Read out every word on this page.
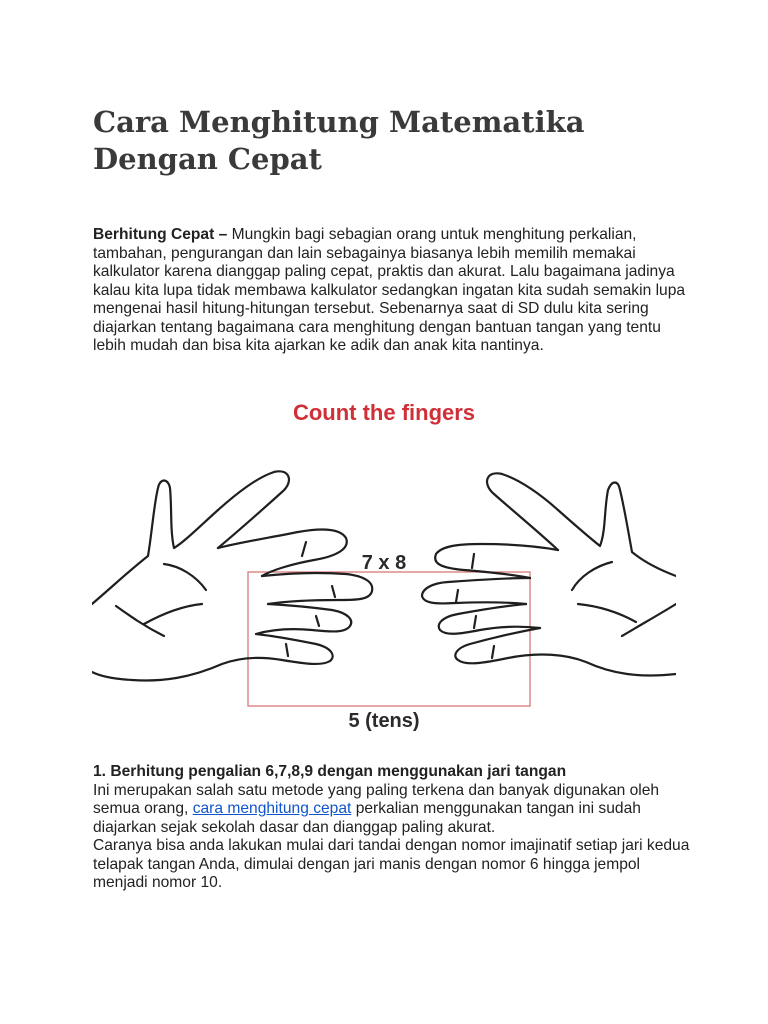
Cara Menghitung Matematika Dengan Cepat

Berhitung Cepat – Mungkin bagi sebagian orang untuk menghitung perkalian, tambahan, pengurangan dan lain sebagainya biasanya lebih memilih memakai kalkulator karena dianggap paling cepat, praktis dan akurat. Lalu bagaimana jadinya kalau kita lupa tidak membawa kalkulator sedangkan ingatan kita sudah semakin lupa mengenai hasil hitung-hitungan tersebut. Sebenarnya saat di SD dulu kita sering diajarkan tentang bagaimana cara menghitung dengan bantuan tangan yang tentu lebih mudah dan bisa kita ajarkan ke adik dan anak kita nantinya.

Count the fingers
7 x 8
5 (tens)
1. Berhitung pengalian 6,7,8,9 dengan menggunakan jari tangan
Ini merupakan salah satu metode yang paling terkena dan banyak digunakan oleh semua orang, cara menghitung cepat perkalian menggunakan tangan ini sudah diajarkan sejak sekolah dasar dan dianggap paling akurat.
Caranya bisa anda lakukan mulai dari tandai dengan nomor imajinatif setiap jari kedua telapak tangan Anda, dimulai dengan jari manis dengan nomor 6 hingga jempol menjadi nomor 10.
